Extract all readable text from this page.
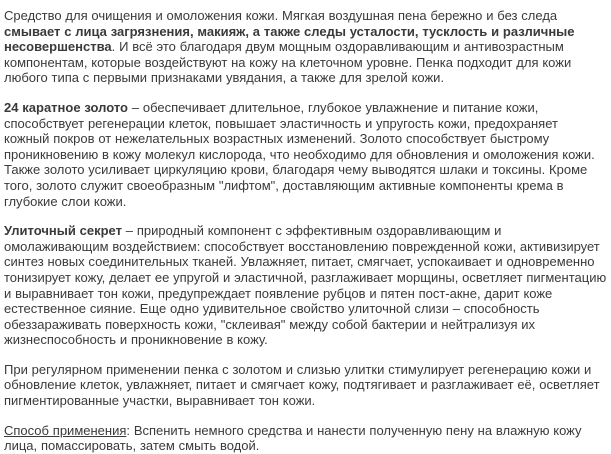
Средство для очищения и омоложения кожи. Мягкая воздушная пена бережно и без следа смывает с лица загрязнения, макияж, а также следы усталости, тусклость и различные несовершенства. И всё это благодаря двум мощным оздоравливающим и антивозрастным компонентам, которые воздействуют на кожу на клеточном уровне. Пенка подходит для кожи любого типа с первыми признаками увядания, а также для зрелой кожи.

24 каратное золото – обеспечивает длительное, глубокое увлажнение и питание кожи, способствует регенерации клеток, повышает эластичность и упругость кожи, предохраняет кожный покров от нежелательных возрастных изменений. Золото способствует быстрому проникновению в кожу молекул кислорода, что необходимо для обновления и омоложения кожи. Также золото усиливает циркуляцию крови, благодаря чему выводятся шлаки и токсины. Кроме того, золото служит своеобразным "лифтом", доставляющим активные компоненты крема в глубокие слои кожи.

Улиточный секрет – природный компонент с эффективным оздоравливающим и омолаживающим воздействием: способствует восстановлению поврежденной кожи, активизирует синтез новых соединительных тканей. Увлажняет, питает, смягчает, успокаивает и одновременно тонизирует кожу, делает ее упругой и эластичной, разглаживает морщины, осветляет пигментацию и выравнивает тон кожи, предупреждает появление рубцов и пятен пост-акне, дарит коже естественное сияние. Еще одно удивительное свойство улиточной слизи – способность обеззараживать поверхность кожи, "склеивая" между собой бактерии и нейтрализуя их жизнеспособность и проникновение в кожу.

При регулярном применении пенка с золотом и слизью улитки стимулирует регенерацию кожи и обновление клеток, увлажняет, питает и смягчает кожу, подтягивает и разглаживает её, осветляет пигментированные участки, выравнивает тон кожи.

Способ применения: Вспенить немного средства и нанести полученную пену на влажную кожу лица, помассировать, затем смыть водой.
